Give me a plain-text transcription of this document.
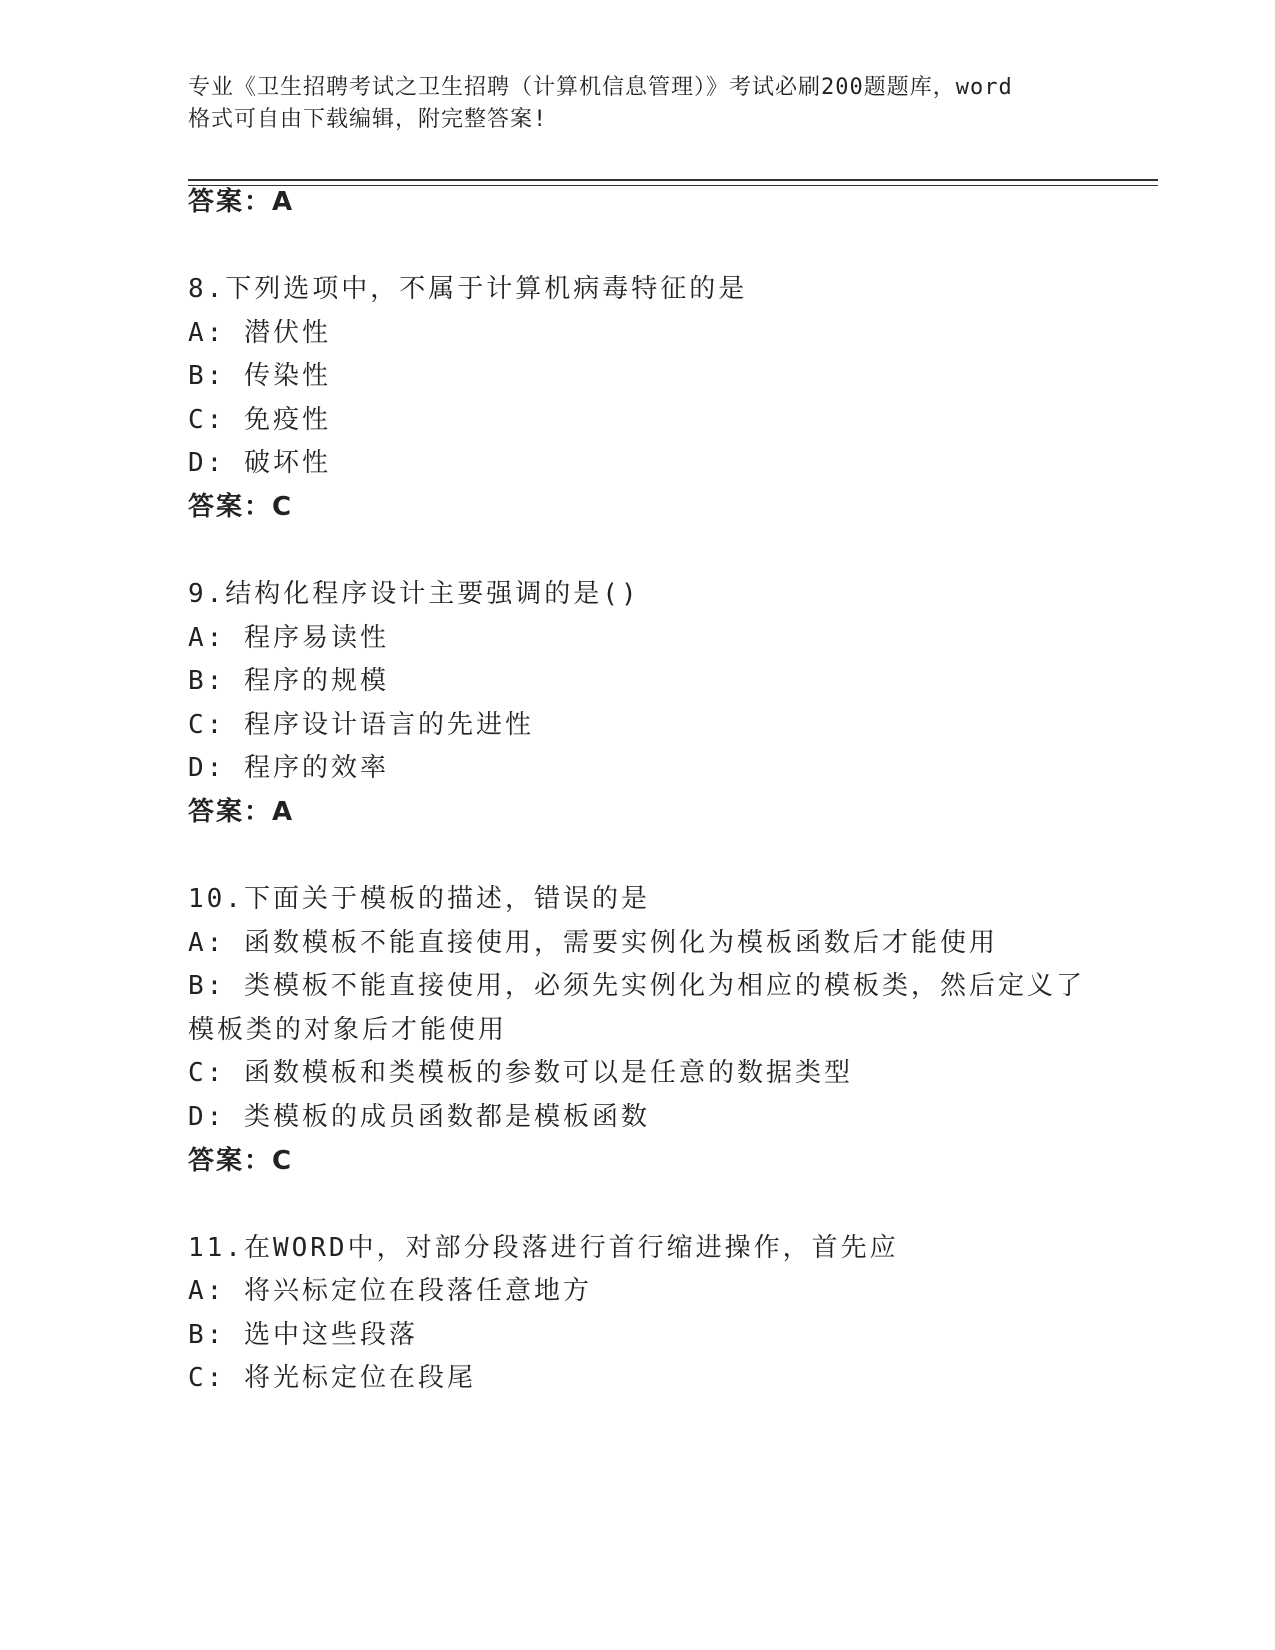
专业《卫生招聘考试之卫生招聘（计算机信息管理）》考试必刷200题题库，word
格式可自由下载编辑，附完整答案!
答案：A
8.下列选项中，不属于计算机病毒特征的是
A: 潜伏性
B: 传染性
C: 免疫性
D: 破坏性
答案：C
9.结构化程序设计主要强调的是()
A: 程序易读性
B: 程序的规模
C: 程序设计语言的先进性
D: 程序的效率
答案：A
10.下面关于模板的描述，错误的是
A: 函数模板不能直接使用，需要实例化为模板函数后才能使用
B: 类模板不能直接使用，必须先实例化为相应的模板类，然后定义了
模板类的对象后才能使用
C: 函数模板和类模板的参数可以是任意的数据类型
D: 类模板的成员函数都是模板函数
答案：C
11.在WORD中，对部分段落进行首行缩进操作，首先应
A: 将兴标定位在段落任意地方
B: 选中这些段落
C: 将光标定位在段尾
